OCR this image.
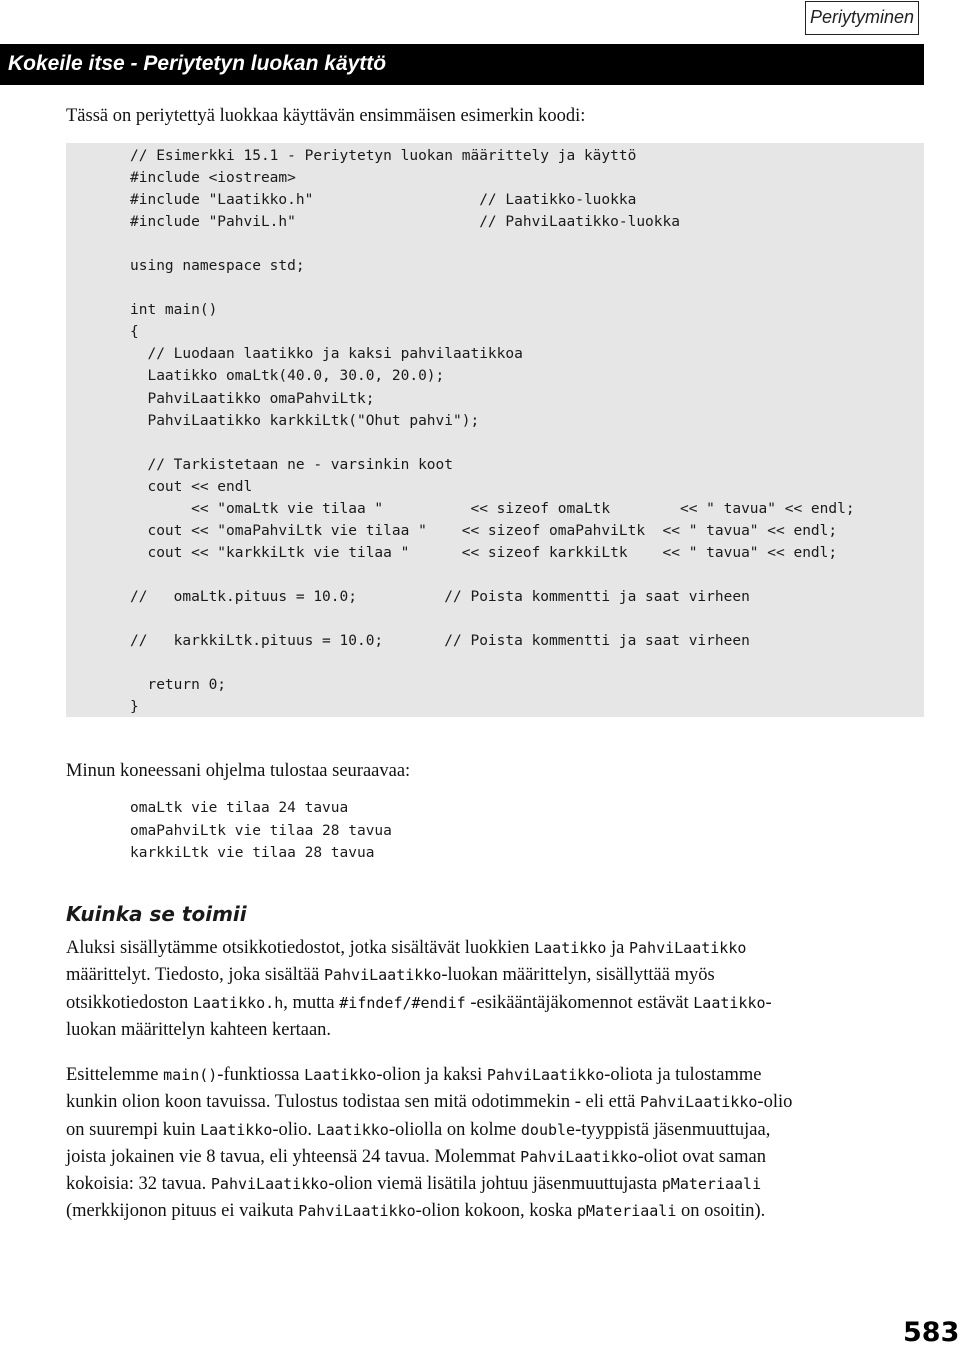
Periytyminen
Kokeile itse - Periytetyn luokan käyttö
Tässä on periytettyä luokkaa käyttävän ensimmäisen esimerkin koodi:
// Esimerkki 15.1 - Periytetyn luokan määrittely ja käyttö
#include <iostream>
#include "Laatikko.h"                   // Laatikko-luokka
#include "PahviL.h"                     // PahviLaatikko-luokka

using namespace std;

int main()
{
// Luodaan laatikko ja kaksi pahvilaatikkoa
Laatikko omaLtk(40.0, 30.0, 20.0);
PahviLaatikko omaPahviLtk;
PahviLaatikko karkkiLtk("Ohut pahvi");

// Tarkistetaan ne - varsinkin koot
cout << endl
<< "omaLtk vie tilaa "          << sizeof omaLtk        << " tavua" << endl;
cout << "omaPahviLtk vie tilaa "    << sizeof omaPahviLtk  << " tavua" << endl;
cout << "karkkiLtk vie tilaa "      << sizeof karkkiLtk    << " tavua" << endl;

//   omaLtk.pituus = 10.0;          // Poista kommentti ja saat virheen

//   karkkiLtk.pituus = 10.0;       // Poista kommentti ja saat virheen

return 0;
}
Minun koneessani ohjelma tulostaa seuraavaa:
omaLtk vie tilaa 24 tavua
omaPahviLtk vie tilaa 28 tavua
karkkiLtk vie tilaa 28 tavua
Kuinka se toimii
Aluksi sisällytämme otsikkotiedostot, jotka sisältävät luokkien Laatikko ja PahviLaatikko
määrittelyt. Tiedosto, joka sisältää PahviLaatikko-luokan määrittelyn, sisällyttää myös
otsikkotiedoston Laatikko.h, mutta #ifndef/#endif -esikääntäjäkomennot estävät Laatikko-
luokan määrittelyn kahteen kertaan.
Esittelemme main()-funktiossa Laatikko-olion ja kaksi PahviLaatikko-oliota ja tulostamme
kunkin olion koon tavuissa. Tulostus todistaa sen mitä odotimmekin - eli että PahviLaatikko-olio
on suurempi kuin Laatikko-olio. Laatikko-oliolla on kolme double-tyyppistä jäsenmuuttujaa,
joista jokainen vie 8 tavua, eli yhteensä 24 tavua. Molemmat PahviLaatikko-oliot ovat saman
kokoisia: 32 tavua. PahviLaatikko-olion viemä lisätila johtuu jäsenmuuttujasta pMateriaali
(merkkijonon pituus ei vaikuta PahviLaatikko-olion kokoon, koska pMateriaali on osoitin).
583
